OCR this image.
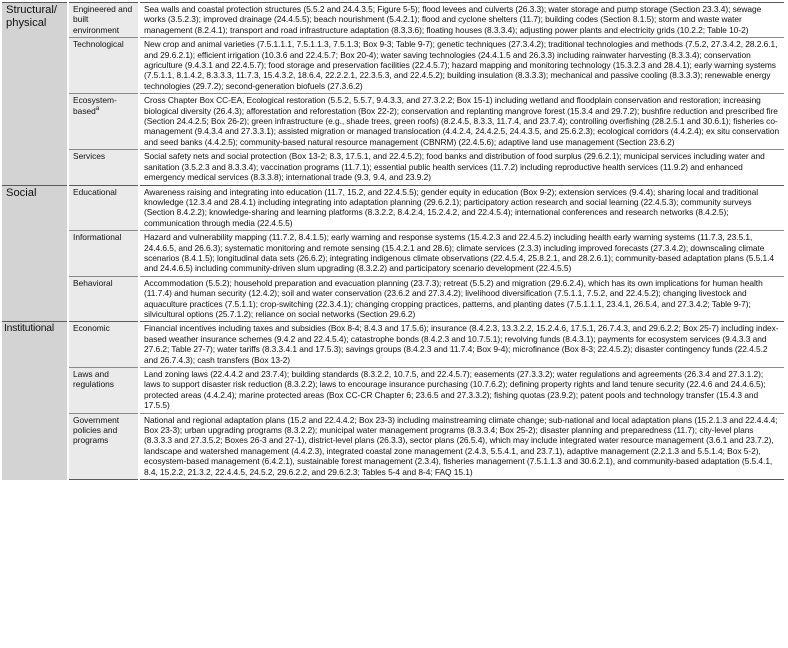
Structural/ physical	Engineered and built environment	Sea walls and coastal protection structures (5.5.2 and 24.4.3.5; Figure 5-5); flood levees and culverts (26.3.3); water storage and pump storage (Section 23.3.4); sewage works (3.5.2.3); improved drainage (24.4.5.5); beach nourishment (5.4.2.1); flood and cyclone shelters (11.7); building codes (Section 8.1.5); storm and waste water management (8.2.4.1); transport and road infrastructure adaptation (8.3.3.6); floating houses (8.3.3.4); adjusting power plants and electricity grids (10.2.2; Table 10-2)
	Technological	New crop and animal varieties (7.5.1.1.1, 7.5.1.1.3, 7.5.1.3; Box 9-3; Table 9-7); genetic techniques (27.3.4.2); traditional technologies and methods (7.5.2, 27.3.4.2, 28.2.6.1, and 29.6.2.1); efficient irrigation (10.3.6 and 22.4.5.7; Box 20-4); water saving technologies (24.4.1.5 and 26.3.3) including rainwater harvesting (8.3.3.4); conservation agriculture (9.4.3.1 and 22.4.5.7); food storage and preservation facilities (22.4.5.7); hazard mapping and monitoring technology (15.3.2.3 and 28.4.1); early warning systems (7.5.1.1, 8.1.4.2, 8.3.3.3, 11.7.3, 15.4.3.2, 18.6.4, 22.2.2.1, 22.3.5.3, and 22.4.5.2); building insulation (8.3.3.3); mechanical and passive cooling (8.3.3.3); renewable energy technologies (29.7.2); second-generation biofuels (27.3.6.2)
	Ecosystem-based$^a$	Cross Chapter Box CC-EA, Ecological restoration (5.5.2, 5.5.7, 9.4.3.3, and 27.3.2.2; Box 15-1) including wetland and floodplain conservation and restoration; increasing biological diversity (26.4.3); afforestation and reforestation (Box 22-2); conservation and replanting mangrove forest (15.3.4 and 29.7.2); bushfire reduction and prescribed fire (Section 24.4.2.5; Box 26-2); green infrastructure (e.g., shade trees, green roofs) (8.2.4.5, 8.3.3, 11.7.4, and 23.7.4); controlling overfishing (28.2.5.1 and 30.6.1); fisheries co-management (9.4.3.4 and 27.3.3.1); assisted migration or managed translocation (4.4.2.4, 24.4.2.5, 24.4.3.5, and 25.6.2.3); ecological corridors (4.4.2.4); ex situ conservation and seed banks (4.4.2.5); community-based natural resource management (CBNRM) (22.4.5.6); adaptive land use management (Section 23.6.2)
	Services	Social safety nets and social protection (Box 13-2; 8.3, 17.5.1, and 22.4.5.2); food banks and distribution of food surplus (29.6.2.1); municipal services including water and sanitation (3.5.2.3 and 8.3.3.4); vaccination programs (11.7.1); essential public health services (11.7.2) including reproductive health services (11.9.2) and enhanced emergency medical services (8.3.3.8); international trade (9.3, 9.4, and 23.9.2)
Social	Educational	Awareness raising and integrating into education (11.7, 15.2, and 22.4.5.5); gender equity in education (Box 9-2); extension services (9.4.4); sharing local and traditional knowledge (12.3.4 and 28.4.1) including integrating into adaptation planning (29.6.2.1); participatory action research and social learning (22.4.5.3); community surveys (Section 8.4.2.2); knowledge-sharing and learning platforms (8.3.2.2, 8.4.2.4, 15.2.4.2, and 22.4.5.4); international conferences and research networks (8.4.2.5); communication through media (22.4.5.5)
	Informational	Hazard and vulnerability mapping (11.7.2, 8.4.1.5); early warning and response systems (15.4.2.3 and 22.4.5.2) including health early warning systems (11.7.3, 23.5.1, 24.4.6.5, and 26.6.3); systematic monitoring and remote sensing (15.4.2.1 and 28.6); climate services (2.3.3) including improved forecasts (27.3.4.2); downscaling climate scenarios (8.4.1.5); longitudinal data sets (26.6.2); integrating indigenous climate observations (22.4.5.4, 25.8.2.1, and 28.2.6.1); community-based adaptation plans (5.5.1.4 and 24.4.6.5) including community-driven slum upgrading (8.3.2.2) and participatory scenario development (22.4.5.5)
	Behavioral	Accommodation (5.5.2); household preparation and evacuation planning (23.7.3); retreat (5.5.2) and migration (29.6.2.4), which has its own implications for human health (11.7.4) and human security (12.4.2); soil and water conservation (23.6.2 and 27.3.4.2); livelihood diversification (7.5.1.1, 7.5.2, and 22.4.5.2); changing livestock and aquaculture practices (7.5.1.1); crop-switching (22.3.4.1); changing cropping practices, patterns, and planting dates (7.5.1.1.1, 23.4.1, 26.5.4, and 27.3.4.2; Table 9-7); silvicultural options (25.7.1.2); reliance on social networks (Section 29.6.2)
Institutional	Economic	Financial incentives including taxes and subsidies (Box 8-4; 8.4.3 and 17.5.6); insurance (8.4.2.3, 13.3.2.2, 15.2.4.6, 17.5.1, 26.7.4.3, and 29.6.2.2; Box 25-7) including index-based weather insurance schemes (9.4.2 and 22.4.5.4); catastrophe bonds (8.4.2.3 and 10.7.5.1); revolving funds (8.4.3.1); payments for ecosystem services (9.4.3.3 and 27.6.2; Table 27-7); water tariffs (8.3.3.4.1 and 17.5.3); savings groups (8.4.2.3 and 11.7.4; Box 9-4); microfinance (Box 8-3; 22.4.5.2); disaster contingency funds (22.4.5.2 and 26.7.4.3); cash transfers (Box 13-2)
	Laws and regulations	Land zoning laws (22.4.4.2 and 23.7.4); building standards (8.3.2.2, 10.7.5, and 22.4.5.7); easements (27.3.3.2); water regulations and agreements (26.3.4 and 27.3.1.2); laws to support disaster risk reduction (8.3.2.2); laws to encourage insurance purchasing (10.7.6.2); defining property rights and land tenure security (22.4.6 and 24.4.6.5); protected areas (4.4.2.4); marine protected areas (Box CC-CR Chapter 6; 23.6.5 and 27.3.3.2); fishing quotas (23.9.2); patent pools and technology transfer (15.4.3 and 17.5.5)
	Government policies and programs	National and regional adaptation plans (15.2 and 22.4.4.2; Box 23-3) including mainstreaming climate change; sub-national and local adaptation plans (15.2.1.3 and 22.4.4.4; Box 23-3); urban upgrading programs (8.3.2.2); municipal water management programs (8.3.3.4; Box 25-2); disaster planning and preparedness (11.7); city-level plans (8.3.3.3 and 27.3.5.2; Boxes 26-3 and 27-1), district-level plans (26.3.3), sector plans (26.5.4), which may include integrated water resource management (3.6.1 and 23.7.2), landscape and watershed management (4.4.2.3), integrated coastal zone management (2.4.3, 5.5.4.1, and 23.7.1), adaptive management (2.2.1.3 and 5.5.1.4; Box 5-2), ecosystem-based management (6.4.2.1), sustainable forest management (2.3.4), fisheries management (7.5.1.1.3 and 30.6.2.1), and community-based adaptation (5.5.4.1, 8.4, 15.2.2, 21.3.2, 22.4.4.5, 24.5.2, 29.6.2.2, and 29.6.2.3; Tables 5-4 and 8-4; FAQ 15.1)
